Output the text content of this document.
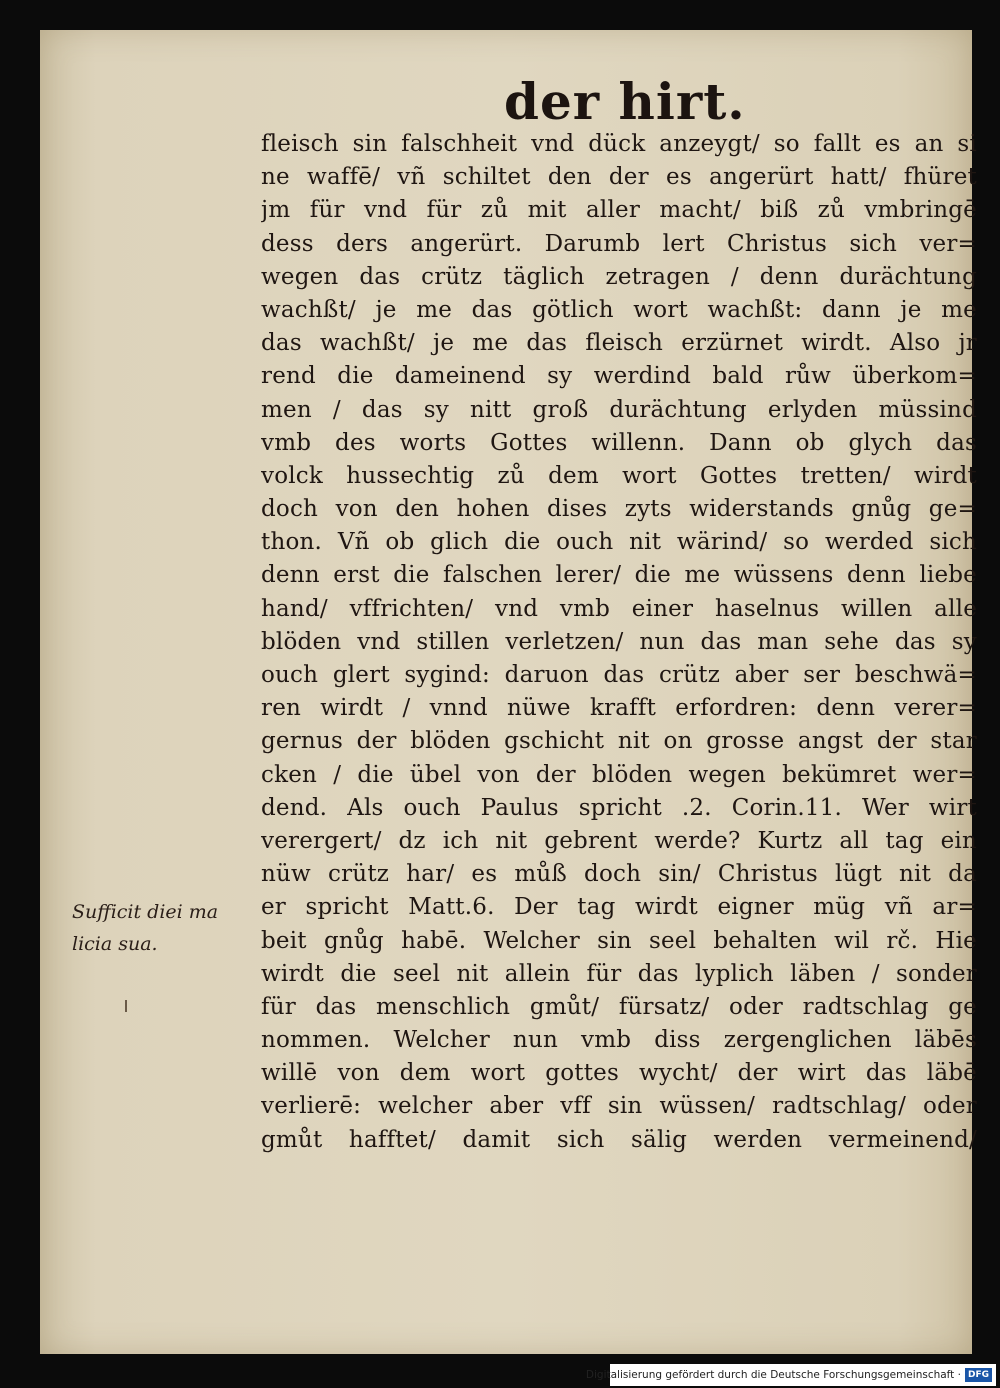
der hirt.
fleisch sin falschheit vnd dück anzeygt/ so fallt es an si
ne waffē/ vñ schiltet den der es angerürt hatt/ fhüret
jm für vnd für zů mit aller macht/ biß zů vmbringē
dess ders angerürt. Darumb lert Christus sich ver=
wegen das crütz täglich zetragen / denn durächtung
wachßt/ je me das götlich wort wachßt: dann je me
das wachßt/ je me das fleisch erzürnet wirdt. Also jr
rend die dameinend sy werdind bald růw überkom=
men / das sy nitt groß durächtung erlyden müssind
vmb des worts Gottes willenn. Dann ob glych das
volck hussechtig zů dem wort Gottes tretten/ wirdt
doch von den hohen dises zyts widerstands gnůg ge=
thon. Vñ ob glich die ouch nit wärind/ so werded sich
denn erst die falschen lerer/ die me wüssens denn liebe
hand/ vffrichten/ vnd vmb einer haselnus willen alle
blöden vnd stillen verletzen/ nun das man sehe das sy
ouch glert sygind: daruon das crütz aber ser beschwä=
ren wirdt / vnnd nüwe krafft erfordren: denn verer=
gernus der blöden gschicht nit on grosse angst der star
cken / die übel von der blöden wegen bekümret wer=
dend. Als ouch Paulus spricht .2. Corin.11. Wer wirt
verergert/ dz ich nit gebrent werde? Kurtz all tag ein
nüw crütz har/ es můß doch sin/ Christus lügt nit da
er spricht Matt.6. Der tag wirdt eigner müg vñ ar=
beit gnůg habē. Welcher sin seel behalten wil rč. Hie
wirdt die seel nit allein für das lyplich läben / sonder
für das menschlich gmůt/ fürsatz/ oder radtschlag ge
nommen. Welcher nun vmb diss zergenglichen läbēs
willē von dem wort gottes wycht/ der wirt das läbē
verlierē: welcher aber vff sin wüssen/ radtschlag/ oder
gmůt hafftet/ damit sich sälig werden vermeinend/
Sufficit diei ma
licia sua.
Digitalisierung gefördert durch die Deutsche Forschungsgemeinschaft · DFG
